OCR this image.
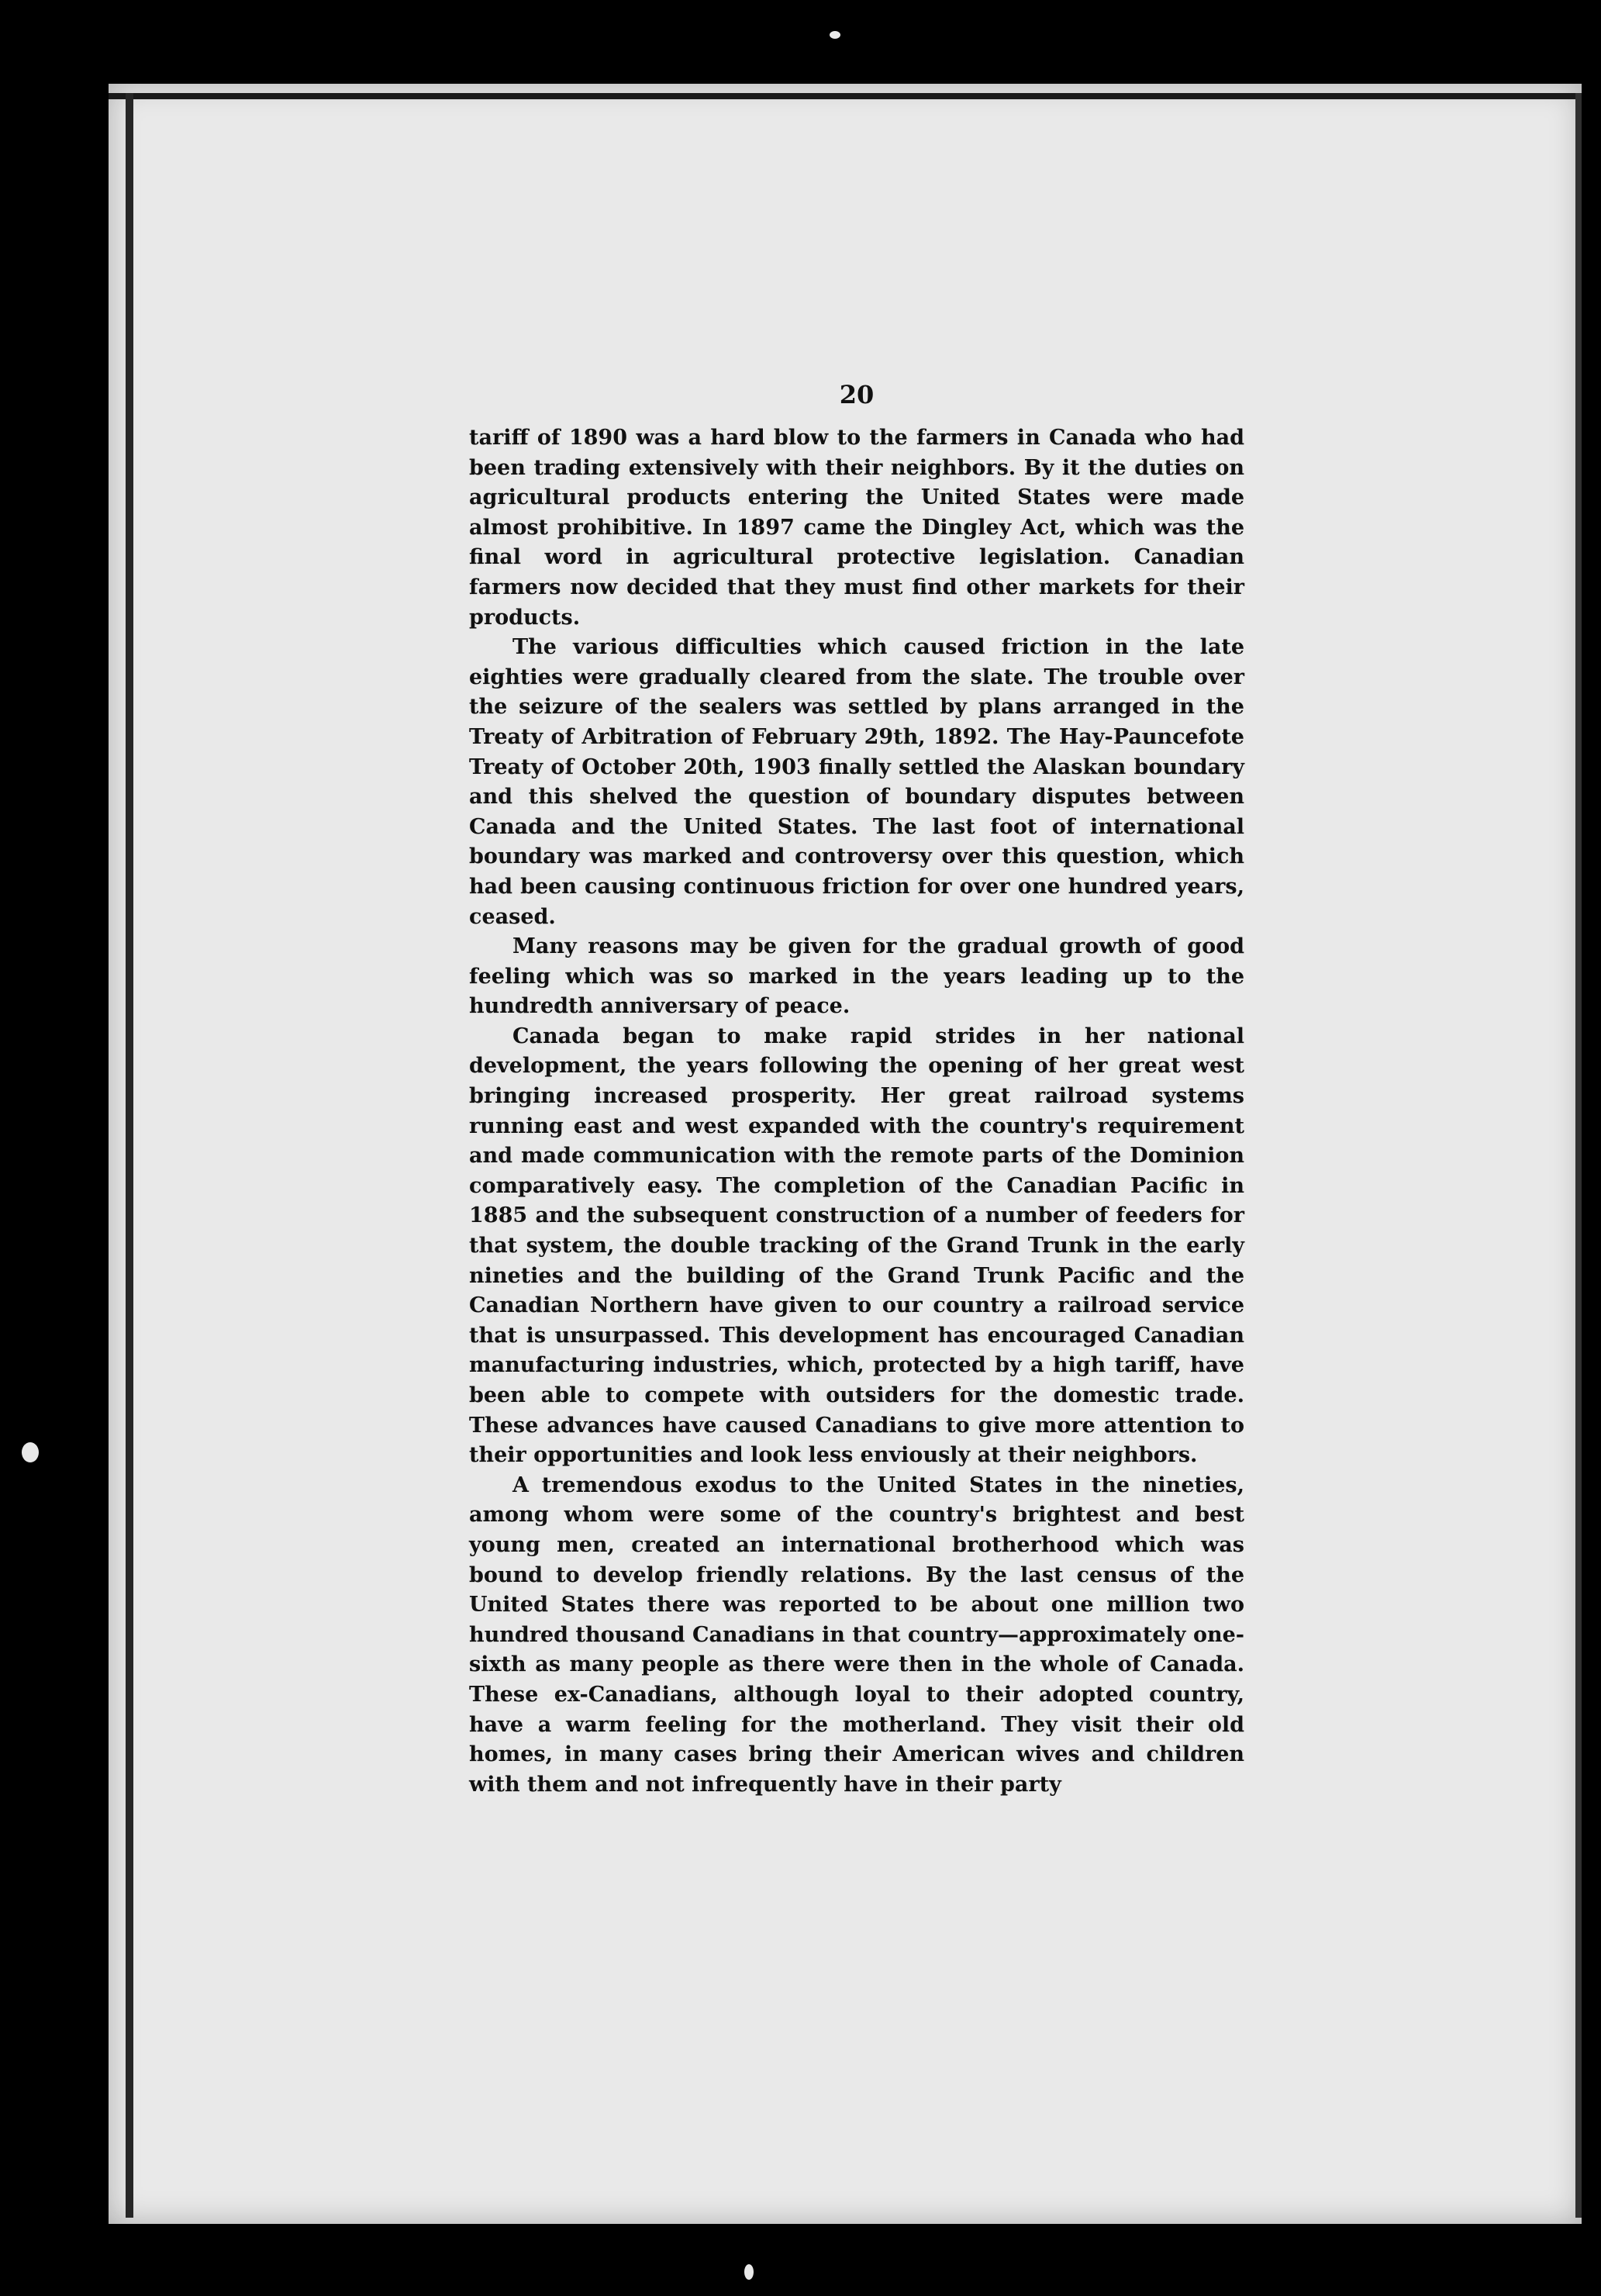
20

tariff of 1890 was a hard blow to the farmers in Canada who had been trading extensively with their neighbors. By it the duties on agricultural products entering the United States were made almost prohibitive. In 1897 came the Dingley Act, which was the final word in agricultural protective legislation. Canadian farmers now decided that they must find other markets for their products.

The various difficulties which caused friction in the late eighties were gradually cleared from the slate. The trouble over the seizure of the sealers was settled by plans arranged in the Treaty of Arbitration of February 29th, 1892. The Hay-Pauncefote Treaty of October 20th, 1903 finally settled the Alaskan boundary and this shelved the question of boundary disputes between Canada and the United States. The last foot of international boundary was marked and controversy over this question, which had been causing continuous friction for over one hundred years, ceased.

Many reasons may be given for the gradual growth of good feeling which was so marked in the years leading up to the hundredth anniversary of peace.

Canada began to make rapid strides in her national development, the years following the opening of her great west bringing increased prosperity. Her great railroad systems running east and west expanded with the country's requirement and made communication with the remote parts of the Dominion comparatively easy. The completion of the Canadian Pacific in 1885 and the subsequent construction of a number of feeders for that system, the double tracking of the Grand Trunk in the early nineties and the building of the Grand Trunk Pacific and the Canadian Northern have given to our country a railroad service that is unsurpassed. This development has encouraged Canadian manufacturing industries, which, protected by a high tariff, have been able to compete with outsiders for the domestic trade. These advances have caused Canadians to give more attention to their opportunities and look less enviously at their neighbors.

A tremendous exodus to the United States in the nineties, among whom were some of the country's brightest and best young men, created an international brotherhood which was bound to develop friendly relations. By the last census of the United States there was reported to be about one million two hundred thousand Canadians in that country—approximately one-sixth as many people as there were then in the whole of Canada. These ex-Canadians, although loyal to their adopted country, have a warm feeling for the motherland. They visit their old homes, in many cases bring their American wives and children with them and not infrequently have in their party
